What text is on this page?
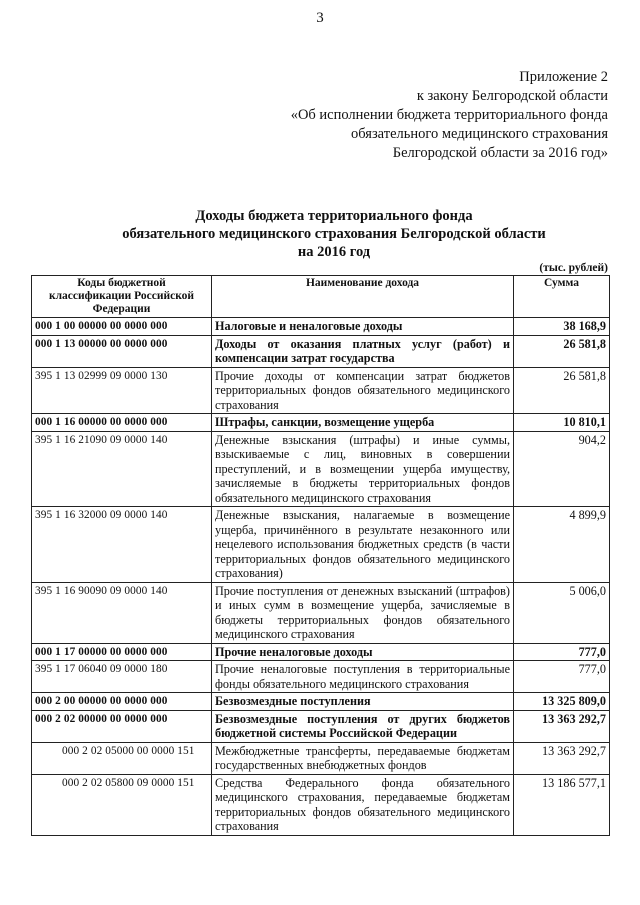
3
Приложение 2
к закону Белгородской области
«Об исполнении бюджета территориального фонда
обязательного медицинского страхования
Белгородской области за 2016 год»
Доходы бюджета территориального фонда
обязательного медицинского страхования Белгородской области
на 2016 год
(тыс. рублей)
Коды бюджетной классификации Российской Федерации	Наименование дохода	Сумма
000 1 00 00000 00 0000 000	Налоговые и неналоговые доходы	38 168,9
000 1 13 00000 00 0000 000	Доходы от оказания платных услуг (работ) и компенсации затрат государства	26 581,8
395 1 13 02999 09 0000 130	Прочие доходы от компенсации затрат бюджетов территориальных фондов обязательного медицинского страхования	26 581,8
000 1 16 00000 00 0000 000	Штрафы, санкции, возмещение ущерба	10 810,1
395 1 16 21090 09 0000 140	Денежные взыскания (штрафы) и иные суммы, взыскиваемые с лиц, виновных в совершении преступлений, и в возмещении ущерба имуществу, зачисляемые в бюджеты территориальных фондов обязательного медицинского страхования	904,2
395 1 16 32000 09 0000 140	Денежные взыскания, налагаемые в возмещение ущерба, причинённого в результате незаконного или нецелевого использования бюджетных средств (в части территориальных фондов обязательного медицинского страхования)	4 899,9
395 1 16 90090 09 0000 140	Прочие поступления от денежных взысканий (штрафов) и иных сумм в возмещение ущерба, зачисляемые в бюджеты территориальных фондов обязательного медицинского страхования	5 006,0
000 1 17 00000 00 0000 000	Прочие неналоговые доходы	777,0
395 1 17 06040 09 0000 180	Прочие неналоговые поступления в территориальные фонды обязательного медицинского страхования	777,0
000 2 00 00000 00 0000 000	Безвозмездные поступления	13 325 809,0
000 2 02 00000 00 0000 000	Безвозмездные поступления от других бюджетов бюджетной системы Российской Федерации	13 363 292,7
000 2 02 05000 00 0000 151	Межбюджетные трансферты, передаваемые бюджетам государственных внебюджетных фондов	13 363 292,7
000 2 02 05800 09 0000 151	Средства Федерального фонда обязательного медицинского страхования, передаваемые бюджетам территориальных фондов обязательного медицинского страхования	13 186 577,1
